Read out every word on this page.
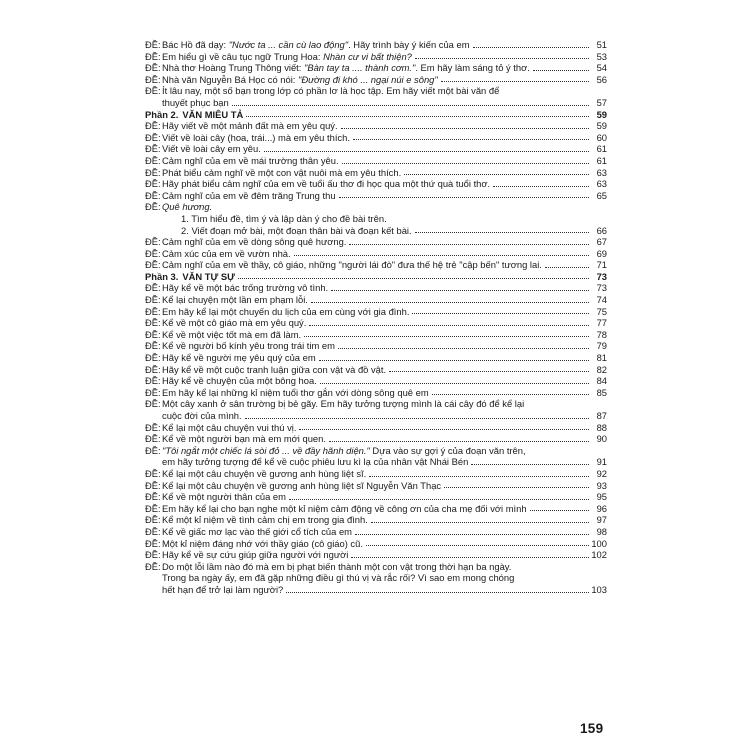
ĐỀ: Bác Hồ đã dạy: "Nước ta ... cần cù lao động". Hãy trình bày ý kiến của em	51
ĐỀ: Em hiểu gì về câu tục ngữ Trung Hoa: Nhàn cư vi bất thiện?	53
ĐỀ: Nhà thơ Hoàng Trung Thông viết: "Bàn tay ta .... thành cơm.". Em hãy làm sáng tỏ ý thơ.	54
ĐỀ: Nhà văn Nguyễn Bá Học có nói: "Đường đi khó ... ngại núi e sông"	56
ĐỀ: Ít lâu nay, một số bạn trong lớp có phần lơ là học tập. Em hãy viết một bài văn để
thuyết phục bạn	57
Phần 2. VĂN MIÊU TẢ	59
ĐỀ: Hãy viết về một mảnh đất mà em yêu quý.	59
ĐỀ: Viết về loài cây (hoa, trái...) mà em yêu thích.	60
ĐỀ: Viết về loài cây em yêu.	61
ĐỀ: Cảm nghĩ của em về mái trường thân yêu.	61
ĐỀ: Phát biểu cảm nghĩ về một con vật nuôi mà em yêu thích.	63
ĐỀ: Hãy phát biểu cảm nghĩ của em về tuổi ấu thơ đi học qua một thứ quà tuổi thơ.	63
ĐỀ: Cảm nghĩ của em về đêm trăng Trung thu	65
ĐỀ: Quê hương.
1. Tìm hiểu đề, tìm ý và lập dàn ý cho đề bài trên.
2. Viết đoạn mở bài, một đoạn thân bài và đoạn kết bài.	66
ĐỀ: Cảm nghĩ của em về dòng sông quê hương.	67
ĐỀ: Cảm xúc của em về vườn nhà.	69
ĐỀ: Cảm nghĩ của em về thầy, cô giáo, những "người lái đò" đưa thế hệ trẻ "cập bến" tương lai.	71
Phần 3. VĂN TỰ SỰ	73
ĐỀ: Hãy kể về một bác trống trường vô tình.	73
ĐỀ: Kể lại chuyện một lần em phạm lỗi.	74
ĐỀ: Em hãy kể lại một chuyến du lịch của em cùng với gia đình.	75
ĐỀ: Kể về một cô giáo mà em yêu quý.	77
ĐỀ: Kể về một việc tốt mà em đã làm.	78
ĐỀ: Kể về người bố kính yêu trong trái tim em	79
ĐỀ: Hãy kể về người mẹ yêu quý của em	81
ĐỀ: Hãy kể về một cuộc tranh luận giữa con vật và đồ vật.	82
ĐỀ: Hãy kể về chuyện của một bông hoa.	84
ĐỀ: Em hãy kể lại những kỉ niệm tuổi thơ gắn với dòng sông quê em	85
ĐỀ: Một cây xanh ở sân trường bị bẻ gãy. Em hãy tưởng tượng mình là cái cây đó để kể lại
cuộc đời của mình.	87
ĐỀ: Kể lại một câu chuyện vui thú vị.	88
ĐỀ: Kể về một người bạn mà em mới quen.	90
ĐỀ: "Tôi ngắt một chiếc lá sòi đỏ ... về đầy hãnh diện." Dựa vào sự gợi ý của đoạn văn trên,
em hãy tưởng tượng để kể về cuộc phiêu lưu kì lạ của nhân vật Nhái Bén	91
ĐỀ: Kể lại một câu chuyện về gương anh hùng liệt sĩ.	92
ĐỀ: Kể lại một câu chuyện về gương anh hùng liệt sĩ Nguyễn Văn Thạc	93
ĐỀ: Kể về một người thân của em	95
ĐỀ: Em hãy kể lại cho bạn nghe một kỉ niệm cảm động về công ơn của cha mẹ đối với mình	96
ĐỀ: Kể một kỉ niệm về tình cảm chị em trong gia đình.	97
ĐỀ: Kể về giấc mơ lạc vào thế giới cổ tích của em	98
ĐỀ: Một kỉ niệm đáng nhớ với thầy giáo (cô giáo) cũ.	100
ĐỀ: Hãy kể về sự cứu giúp giữa người với người	102
ĐỀ: Do một lỗi lầm nào đó mà em bị phạt biến thành một con vật trong thời hạn ba ngày.
Trong ba ngày ấy, em đã gặp những điều gì thú vị và rắc rối? Vì sao em mong chóng
hết hạn để trở lại làm người?	103
159
